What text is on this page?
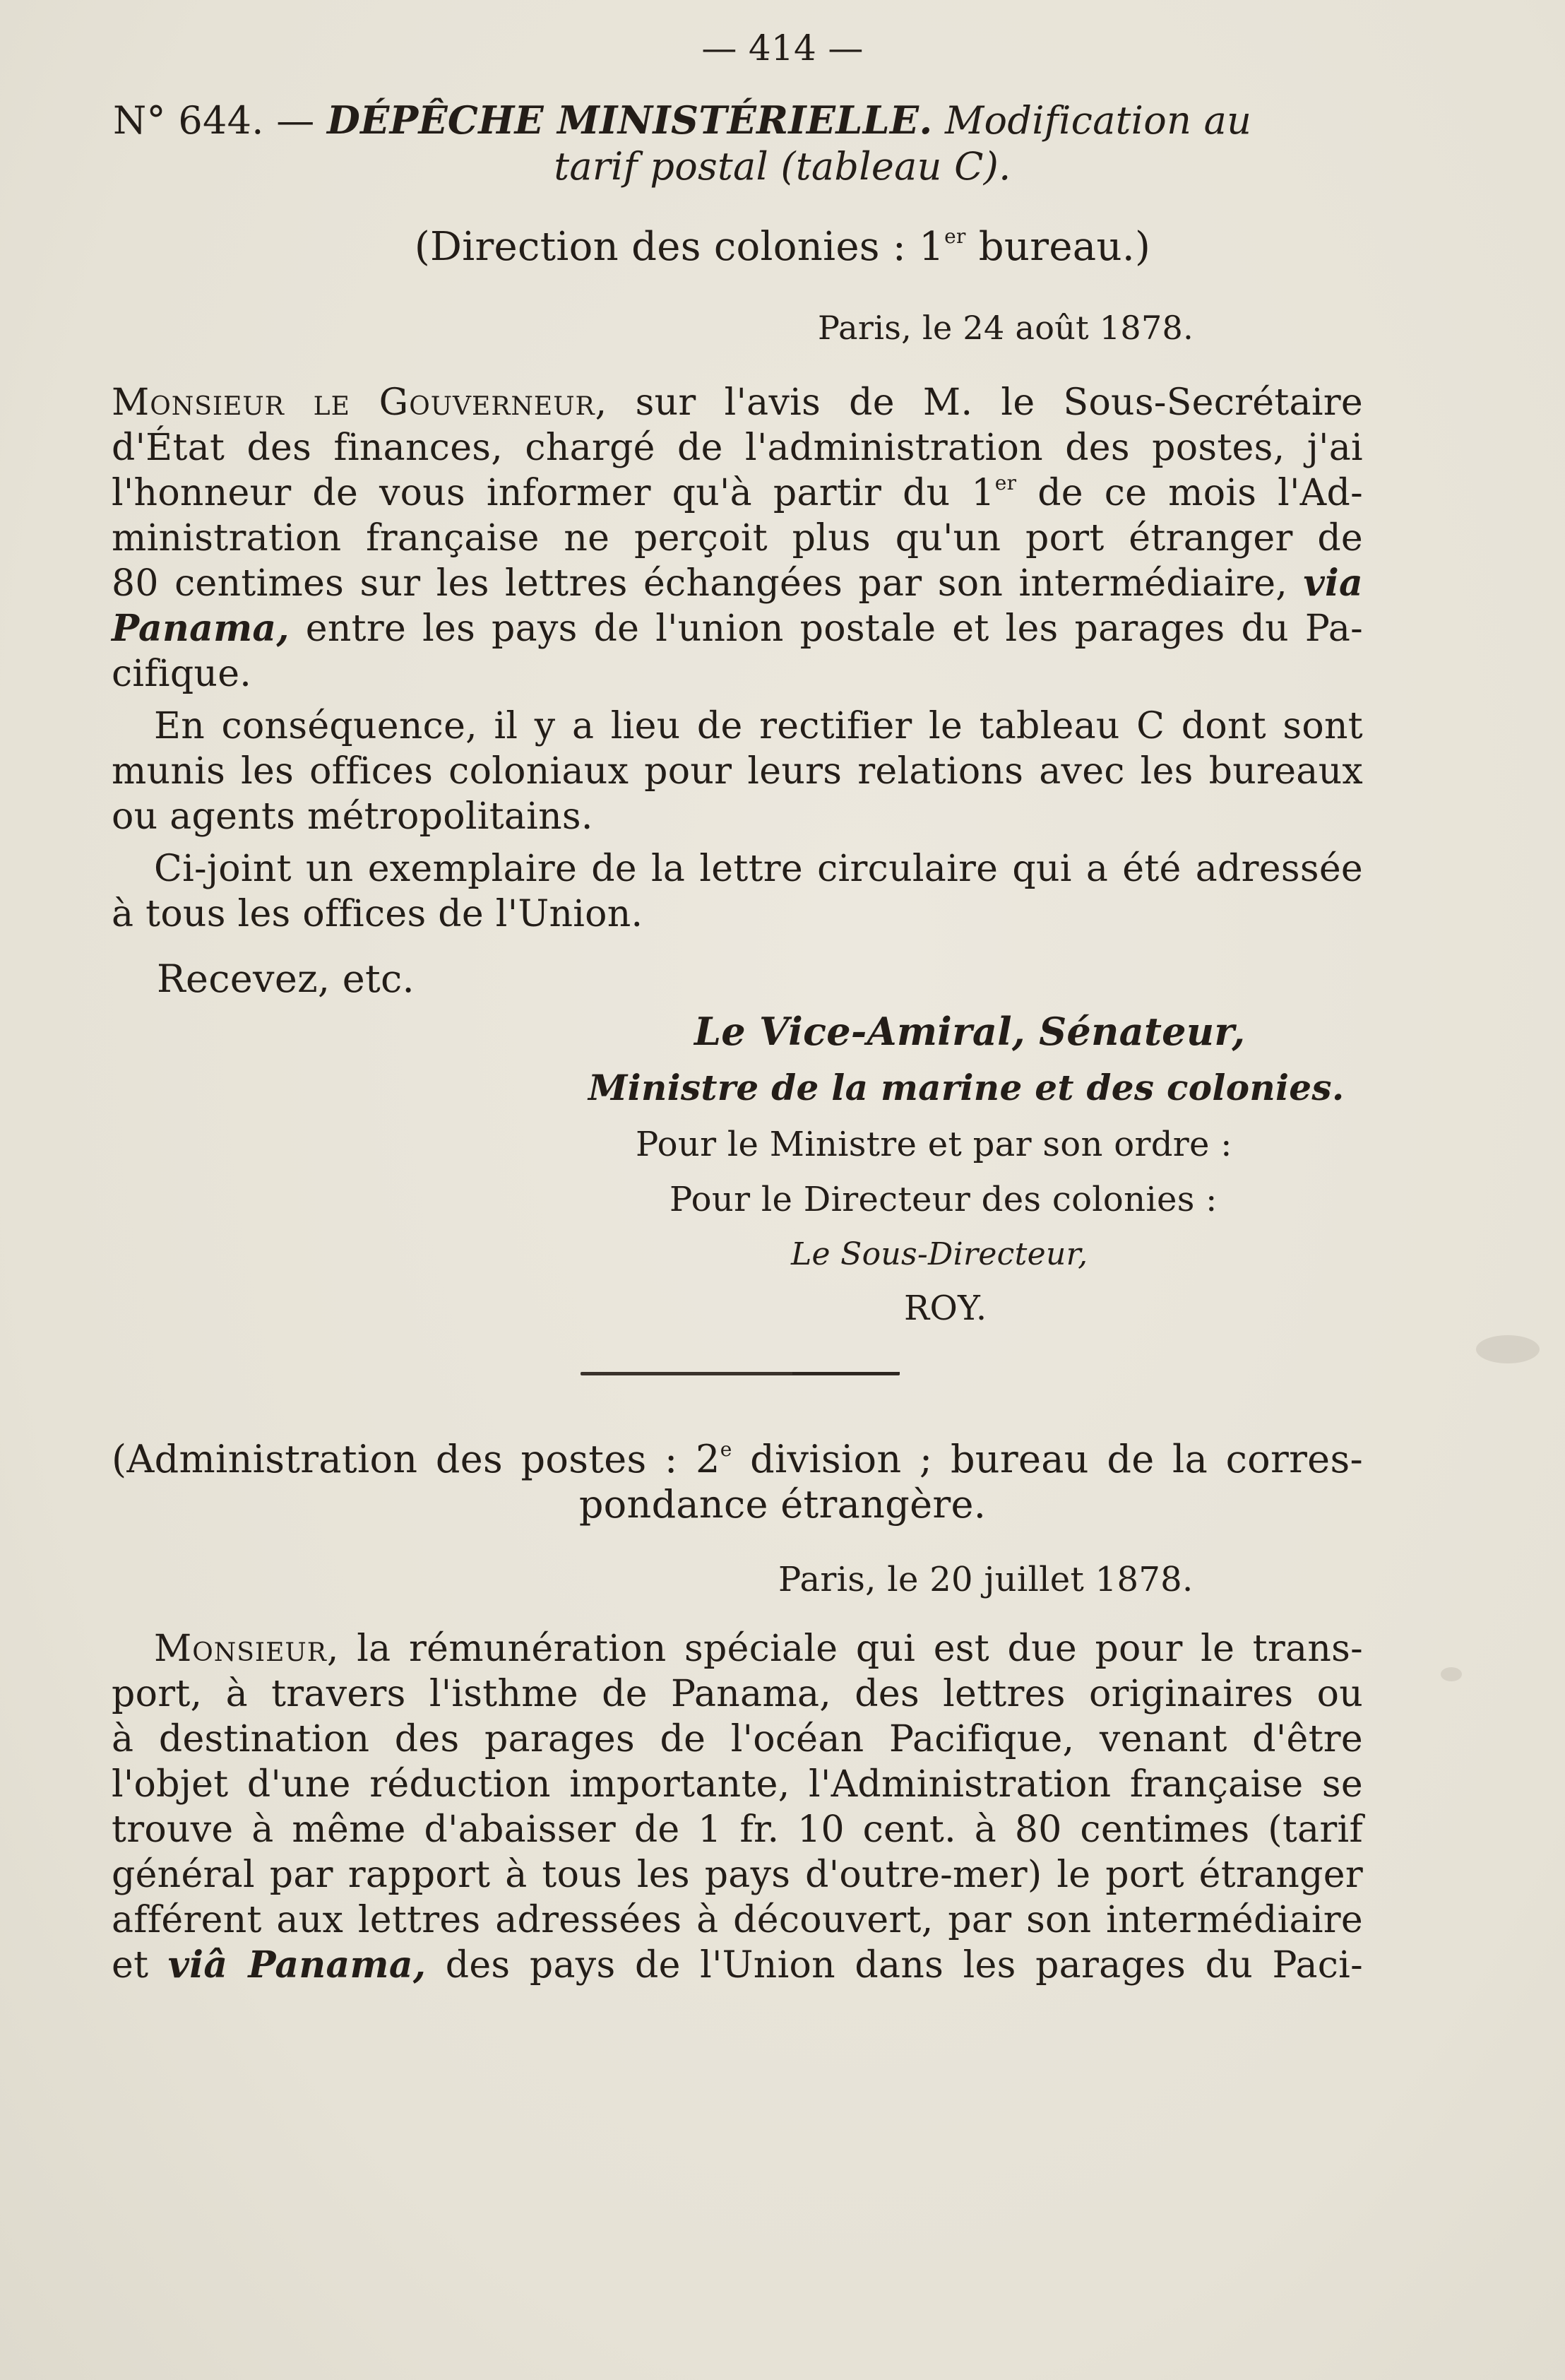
— 414 —
N° 644. — DÉPÊCHE MINISTÉRIELLE. Modification au
tarif postal (tableau C).
(Direction des colonies : 1er bureau.)
Paris, le 24 août 1878.
Monsieur le Gouverneur, sur l'avis de M. le Sous-Secrétaire
d'État des finances, chargé de l'administration des postes, j'ai
l'honneur de vous informer qu'à partir du 1er de ce mois l'Ad-
ministration française ne perçoit plus qu'un port étranger de
80 centimes sur les lettres échangées par son intermédiaire, via
Panama, entre les pays de l'union postale et les parages du Pa-
cifique.
En conséquence, il y a lieu de rectifier le tableau C dont sont
munis les offices coloniaux pour leurs relations avec les bureaux
ou agents métropolitains.
Ci-joint un exemplaire de la lettre circulaire qui a été adressée
à tous les offices de l'Union.
Recevez, etc.
Le Vice-Amiral, Sénateur,
Ministre de la marine et des colonies.
Pour le Ministre et par son ordre :
Pour le Directeur des colonies :
Le Sous-Directeur,
ROY.
(Administration des postes : 2e division ; bureau de la corres-
pondance étrangère.
Paris, le 20 juillet 1878.
Monsieur, la rémunération spéciale qui est due pour le trans-
port, à travers l'isthme de Panama, des lettres originaires ou
à destination des parages de l'océan Pacifique, venant d'être
l'objet d'une réduction importante, l'Administration française se
trouve à même d'abaisser de 1 fr. 10 cent. à 80 centimes (tarif
général par rapport à tous les pays d'outre-mer) le port étranger
afférent aux lettres adressées à découvert, par son intermédiaire
et viâ Panama, des pays de l'Union dans les parages du Paci-
